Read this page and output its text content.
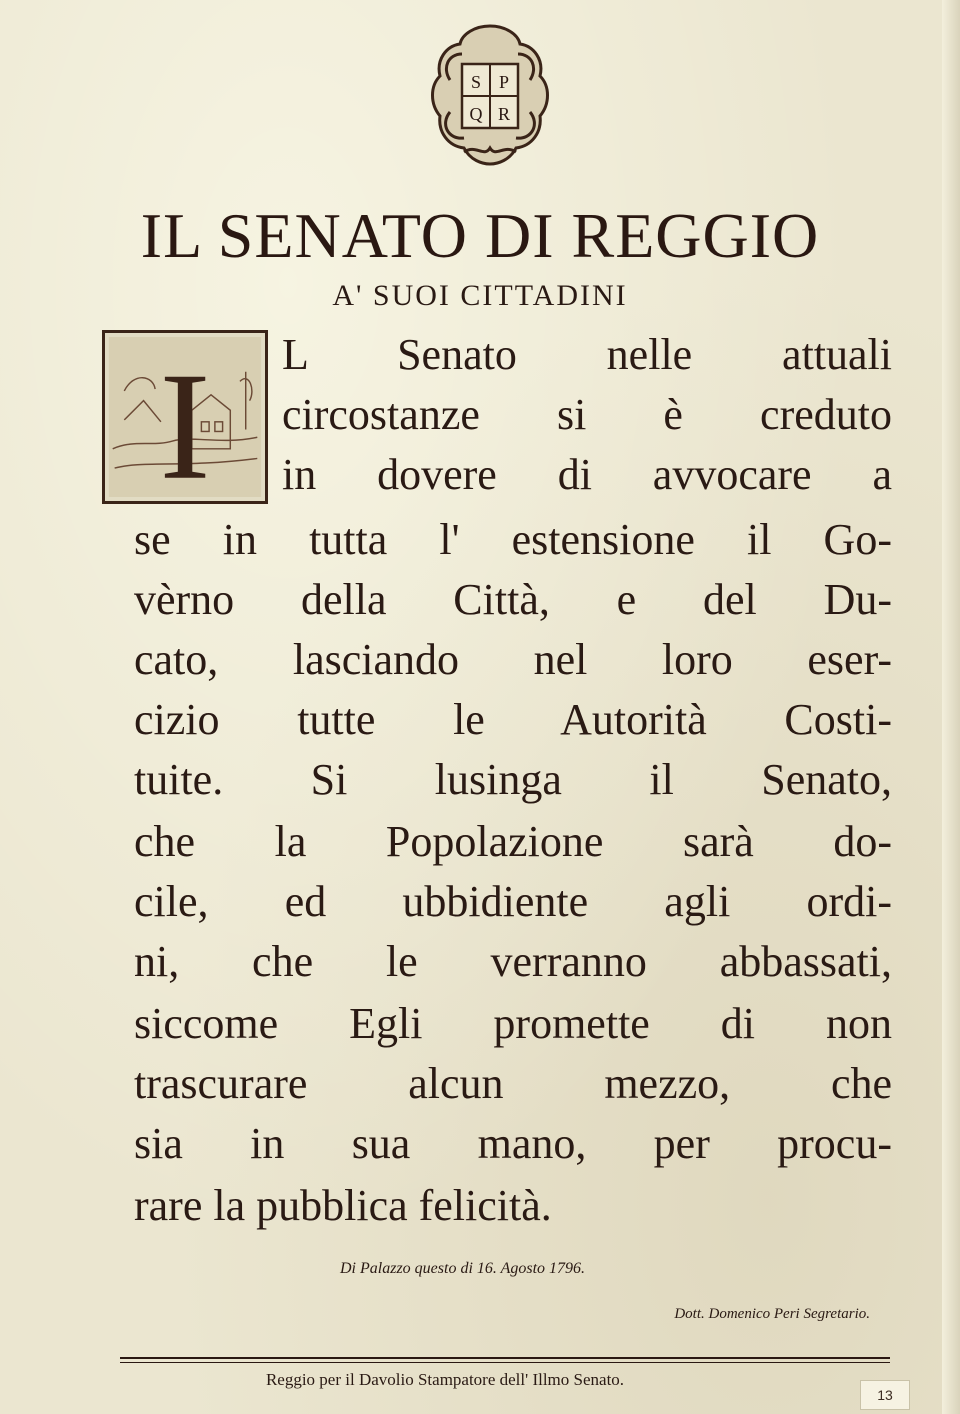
S P
Q R
IL SENATO DI REGGIO
A' SUOI CITTADINI
I L Senato nelle attuali
circostanze si è creduto
in dovere di avvocare a
se in tutta l' estensione il Go-
vèrno della Città, e del Du-
cato, lasciando nel loro eser-
cizio tutte le Autorità Costi-
tuite. Si lusinga il Senato,
che la Popolazione sarà do-
cile, ed ubbidiente agli ordi-
ni, che le verranno abbassati,
siccome Egli promette di non
trascurare alcun mezzo, che
sia in sua mano, per procu-
rare la pubblica felicità.
Di Palazzo questo di 16. Agosto 1796.
Dott. Domenico Peri Segretario.
Reggio per il Davolio Stampatore dell' Illmo Senato.
13
